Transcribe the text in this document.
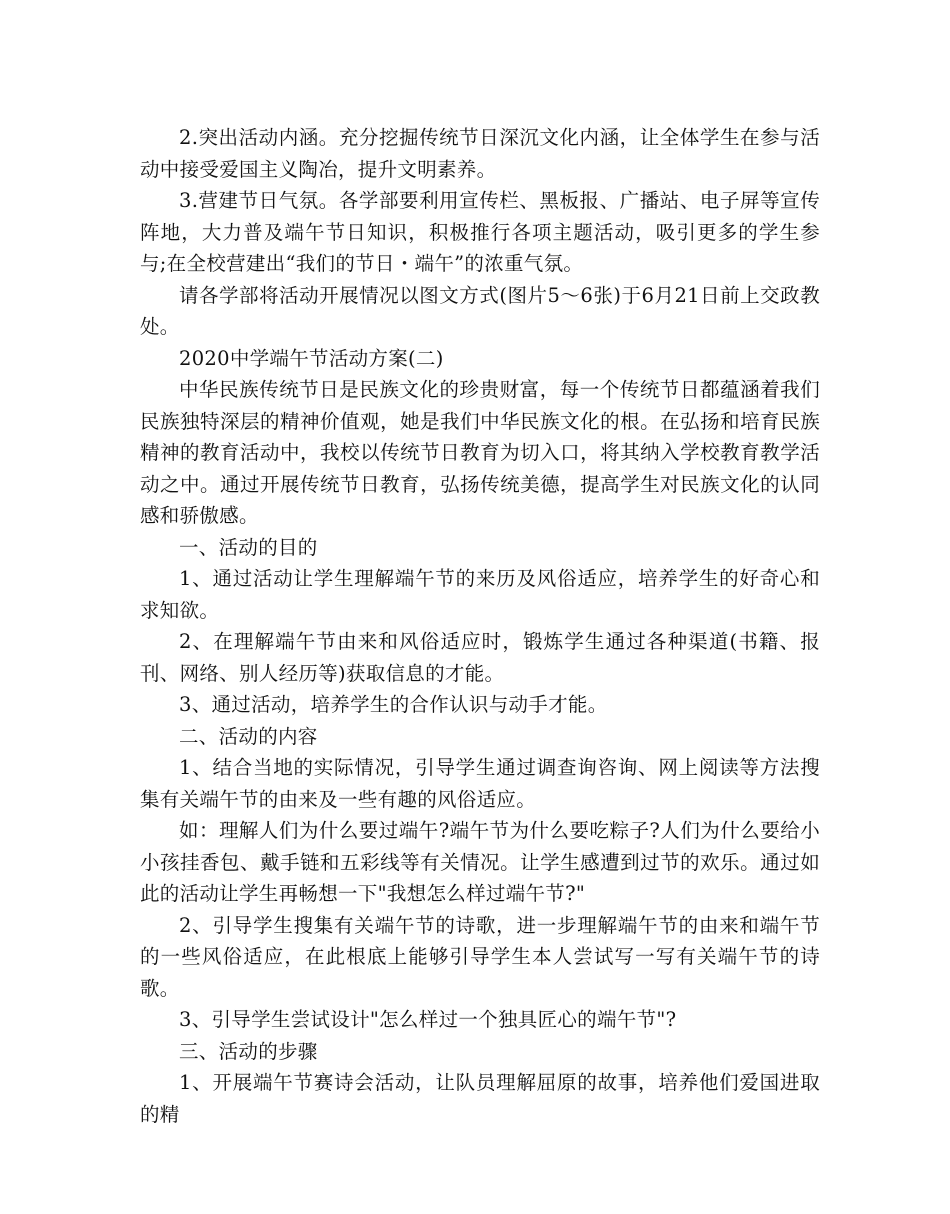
2.突出活动内涵。充分挖掘传统节日深沉文化内涵，让全体学生在参与活动中接受爱国主义陶冶，提升文明素养。

3.营建节日气氛。各学部要利用宣传栏、黑板报、广播站、电子屏等宣传阵地，大力普及端午节日知识，积极推行各项主题活动，吸引更多的学生参与;在全校营建出“我们的节日・端午”的浓重气氛。

请各学部将活动开展情况以图文方式(图片5～6张)于6月21日前上交政教处。

2020中学端午节活动方案(二)

中华民族传统节日是民族文化的珍贵财富，每一个传统节日都蕴涵着我们民族独特深层的精神价值观，她是我们中华民族文化的根。在弘扬和培育民族精神的教育活动中，我校以传统节日教育为切入口，将其纳入学校教育教学活动之中。通过开展传统节日教育，弘扬传统美德，提高学生对民族文化的认同感和骄傲感。

一、活动的目的

1、通过活动让学生理解端午节的来历及风俗适应，培养学生的好奇心和求知欲。

2、在理解端午节由来和风俗适应时，锻炼学生通过各种渠道(书籍、报刊、网络、别人经历等)获取信息的才能。

3、通过活动，培养学生的合作认识与动手才能。

二、活动的内容

1、结合当地的实际情况，引导学生通过调查询咨询、网上阅读等方法搜集有关端午节的由来及一些有趣的风俗适应。

如：理解人们为什么要过端午?端午节为什么要吃粽子?人们为什么要给小小孩挂香包、戴手链和五彩线等有关情况。让学生感遭到过节的欢乐。通过如此的活动让学生再畅想一下"我想怎么样过端午节?"

2、引导学生搜集有关端午节的诗歌，进一步理解端午节的由来和端午节的一些风俗适应，在此根底上能够引导学生本人尝试写一写有关端午节的诗歌。

3、引导学生尝试设计"怎么样过一个独具匠心的端午节"?

三、活动的步骤

1、开展端午节赛诗会活动，让队员理解屈原的故事，培养他们爱国进取的精
